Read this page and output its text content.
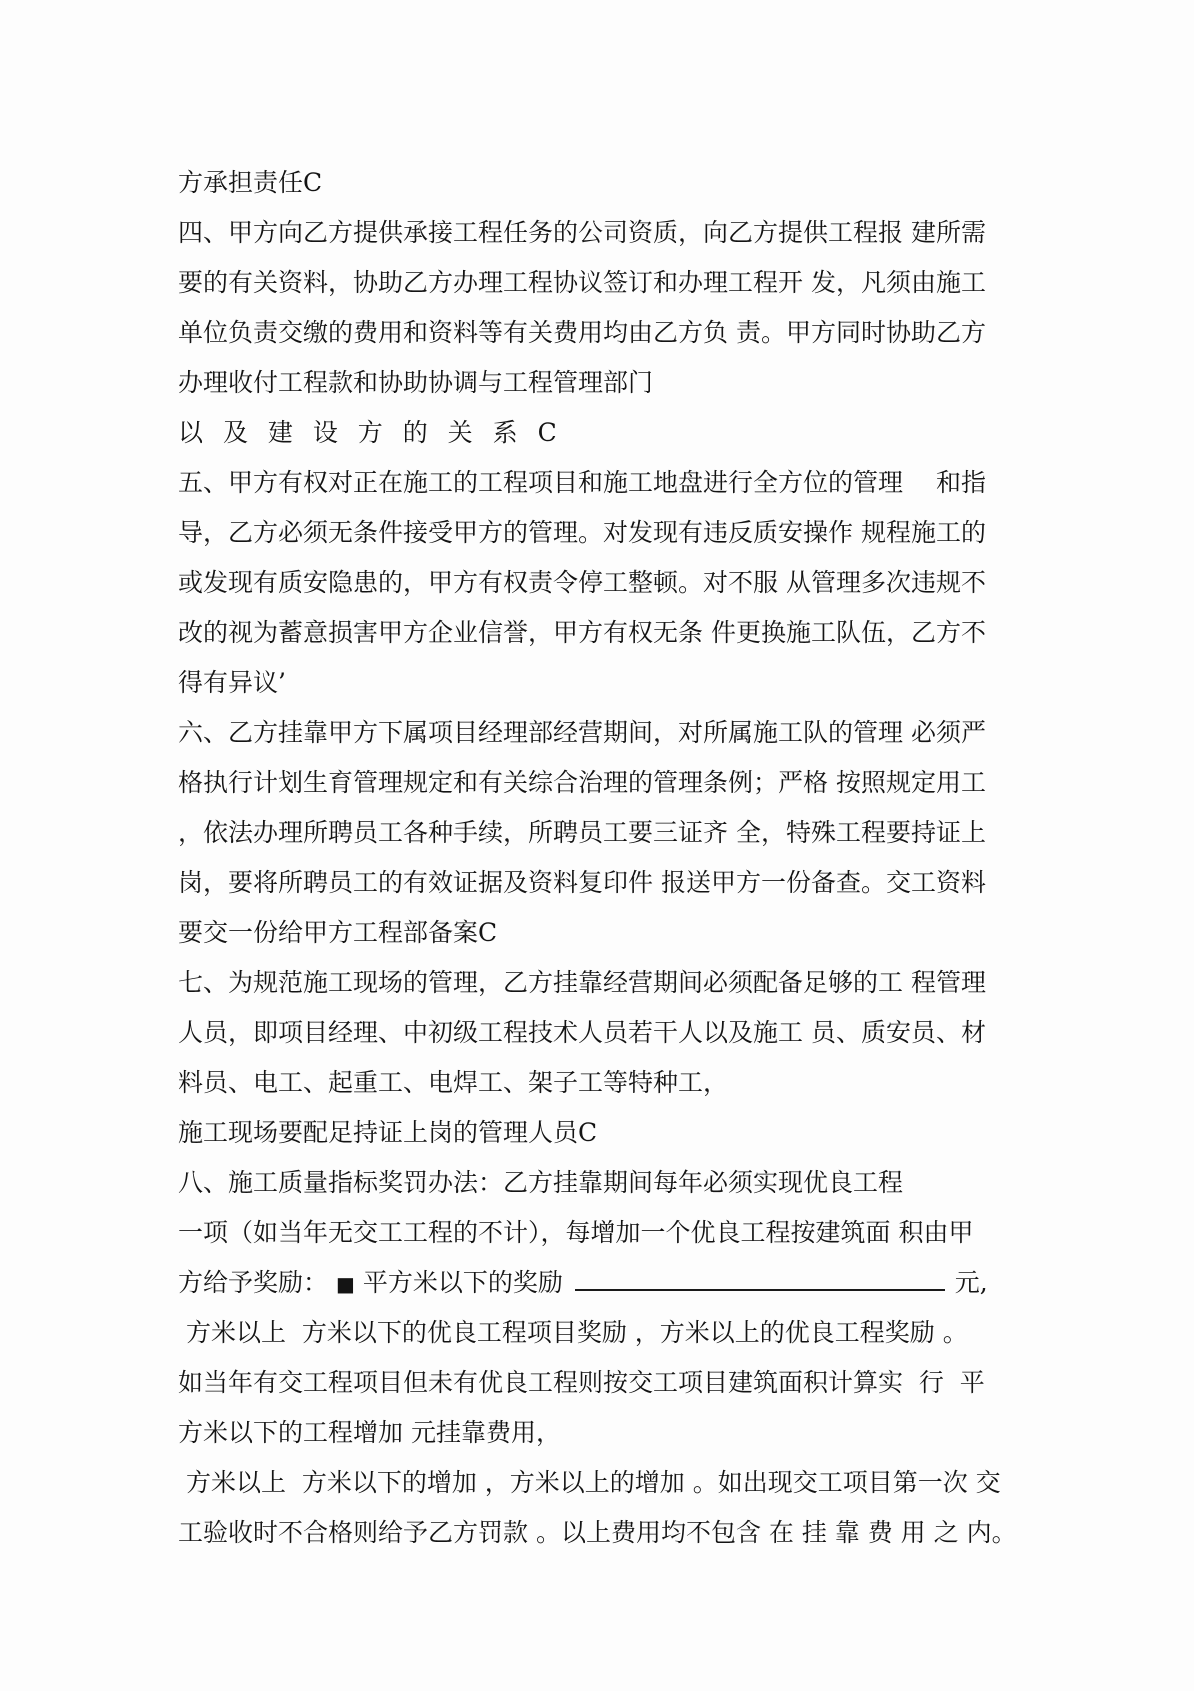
方承担责任C
四、甲方向乙方提供承接工程任务的公司资质，向乙方提供工程报 建所需
要的有关资料，协助乙方办理工程协议签订和办理工程开 发，凡须由施工
单位负责交缴的费用和资料等有关费用均由乙方负 责。甲方同时协助乙方
办理收付工程款和协助协调与工程管理部门
以 及 建 设 方 的 关 系 C
五、甲方有权对正在施工的工程项目和施工地盘进行全方位的管理　 和指
导，乙方必须无条件接受甲方的管理。对发现有违反质安操作 规程施工的
或发现有质安隐患的，甲方有权责令停工整顿。对不服 从管理多次违规不
改的视为蓄意损害甲方企业信誉，甲方有权无条 件更换施工队伍，乙方不
得有异议’
六、乙方挂靠甲方下属项目经理部经营期间，对所属施工队的管理 必须严
格执行计划生育管理规定和有关综合治理的管理条例；严格 按照规定用工
，依法办理所聘员工各种手续，所聘员工要三证齐 全，特殊工程要持证上
岗，要将所聘员工的有效证据及资料复印件 报送甲方一份备查。交工资料
要交一份给甲方工程部备案C
七、为规范施工现场的管理，乙方挂靠经营期间必须配备足够的工 程管理
人员，即项目经理、中初级工程技术人员若干人以及施工 员、质安员、材
料员、电工、起重工、电焊工、架子工等特种工，
施工现场要配足持证上岗的管理人员C
八、施工质量指标奖罚办法：乙方挂靠期间每年必须实现优良工程
一项（如当年无交工工程的不计），每增加一个优良工程按建筑面 积由甲
方给予奖励： ■ 平方米以下的奖励	元,
方米以上  方米以下的优良工程项目奖励 ，方米以上的优良工程奖励 。
如当年有交工程项目但未有优良工程则按交工项目建筑面积计算实  行  平
方米以下的工程增加 元挂靠费用，
方米以上  方米以下的增加 ，方米以上的增加 。如出现交工项目第一次 交
工验收时不合格则给予乙方罚款 。以上费用均不包含 在 挂 靠 费 用 之 内。
